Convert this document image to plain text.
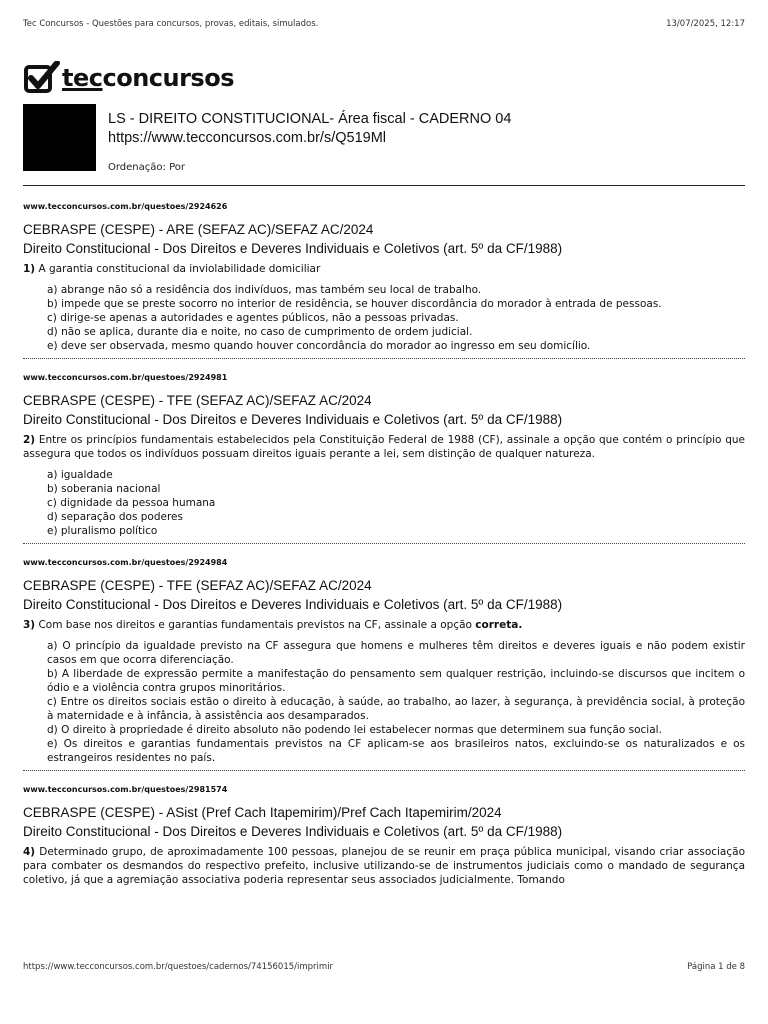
Tec Concursos - Questões para concursos, provas, editais, simulados.	13/07/2025, 12:17
tecconcursos
LS - DIREITO CONSTITUCIONAL- Área fiscal - CADERNO 04
https://www.tecconcursos.com.br/s/Q519Ml
Ordenação: Por
www.tecconcursos.com.br/questoes/2924626
CEBRASPE (CESPE) - ARE (SEFAZ AC)/SEFAZ AC/2024
Direito Constitucional - Dos Direitos e Deveres Individuais e Coletivos (art. 5º da CF/1988)
1) A garantia constitucional da inviolabilidade domiciliar
a) abrange não só a residência dos indivíduos, mas também seu local de trabalho.
b) impede que se preste socorro no interior de residência, se houver discordância do morador à entrada de pessoas.
c) dirige-se apenas a autoridades e agentes públicos, não a pessoas privadas.
d) não se aplica, durante dia e noite, no caso de cumprimento de ordem judicial.
e) deve ser observada, mesmo quando houver concordância do morador ao ingresso em seu domicílio.
www.tecconcursos.com.br/questoes/2924981
CEBRASPE (CESPE) - TFE (SEFAZ AC)/SEFAZ AC/2024
Direito Constitucional - Dos Direitos e Deveres Individuais e Coletivos (art. 5º da CF/1988)
2) Entre os princípios fundamentais estabelecidos pela Constituição Federal de 1988 (CF), assinale a opção que contém o princípio que assegura que todos os indivíduos possuam direitos iguais perante a lei, sem distinção de qualquer natureza.
a) igualdade
b) soberania nacional
c) dignidade da pessoa humana
d) separação dos poderes
e) pluralismo político
www.tecconcursos.com.br/questoes/2924984
CEBRASPE (CESPE) - TFE (SEFAZ AC)/SEFAZ AC/2024
Direito Constitucional - Dos Direitos e Deveres Individuais e Coletivos (art. 5º da CF/1988)
3) Com base nos direitos e garantias fundamentais previstos na CF, assinale a opção correta.
a) O princípio da igualdade previsto na CF assegura que homens e mulheres têm direitos e deveres iguais e não podem existir casos em que ocorra diferenciação.
b) A liberdade de expressão permite a manifestação do pensamento sem qualquer restrição, incluindo-se discursos que incitem o ódio e a violência contra grupos minoritários.
c) Entre os direitos sociais estão o direito à educação, à saúde, ao trabalho, ao lazer, à segurança, à previdência social, à proteção à maternidade e à infância, à assistência aos desamparados.
d) O direito à propriedade é direito absoluto não podendo lei estabelecer normas que determinem sua função social.
e) Os direitos e garantias fundamentais previstos na CF aplicam-se aos brasileiros natos, excluindo-se os naturalizados e os estrangeiros residentes no país.
www.tecconcursos.com.br/questoes/2981574
CEBRASPE (CESPE) - ASist (Pref Cach Itapemirim)/Pref Cach Itapemirim/2024
Direito Constitucional - Dos Direitos e Deveres Individuais e Coletivos (art. 5º da CF/1988)
4) Determinado grupo, de aproximadamente 100 pessoas, planejou de se reunir em praça pública municipal, visando criar associação para combater os desmandos do respectivo prefeito, inclusive utilizando-se de instrumentos judiciais como o mandado de segurança coletivo, já que a agremiação associativa poderia representar seus associados judicialmente. Tomando
https://www.tecconcursos.com.br/questoes/cadernos/74156015/imprimir	Página 1 de 8
